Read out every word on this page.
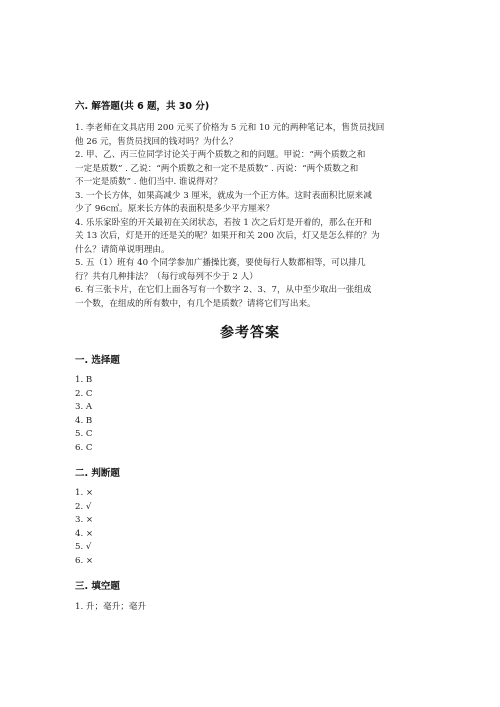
六. 解答题(共 6 题，共 30 分)
1. 李老师在文具店用 200 元买了价格为 5 元和 10 元的两种笔记本，售货员找回
他 26 元，售货员找回的钱对吗？为什么？
2. 甲、乙、丙三位同学讨论关于两个质数之和的问题。甲说：“两个质数之和
一定是质数” . 乙说：“两个质数之和一定不是质数” . 丙说：“两个质数之和
不一定是质数” . 他们当中. 谁说得对？
3. 一个长方体，如果高减少 3 厘米，就成为一个正方体。这时表面积比原来减
少了 96c㎡。原来长方体的表面积是多少平方厘米？
4. 乐乐家卧室的开关最初在关闭状态，若按 1 次之后灯是开着的，那么在开和
关 13 次后，灯是开的还是关的呢？如果开和关 200 次后，灯又是怎么样的？为
什么？请简单说明理由。
5. 五（1）班有 40 个同学参加广播操比赛，要使每行人数都相等，可以排几
行？共有几种排法？（每行或每列不少于 2 人）
6. 有三张卡片，在它们上面各写有一个数字 2、3、7，从中至少取出一张组成
一个数，在组成的所有数中，有几个是质数？请将它们写出来。
参考答案
一. 选择题
1. B
2. C
3. A
4. B
5. C
6. C
二. 判断题
1. ×
2. √
3. ×
4. ×
5. √
6. ×
三. 填空题
1. 升；毫升；毫升
